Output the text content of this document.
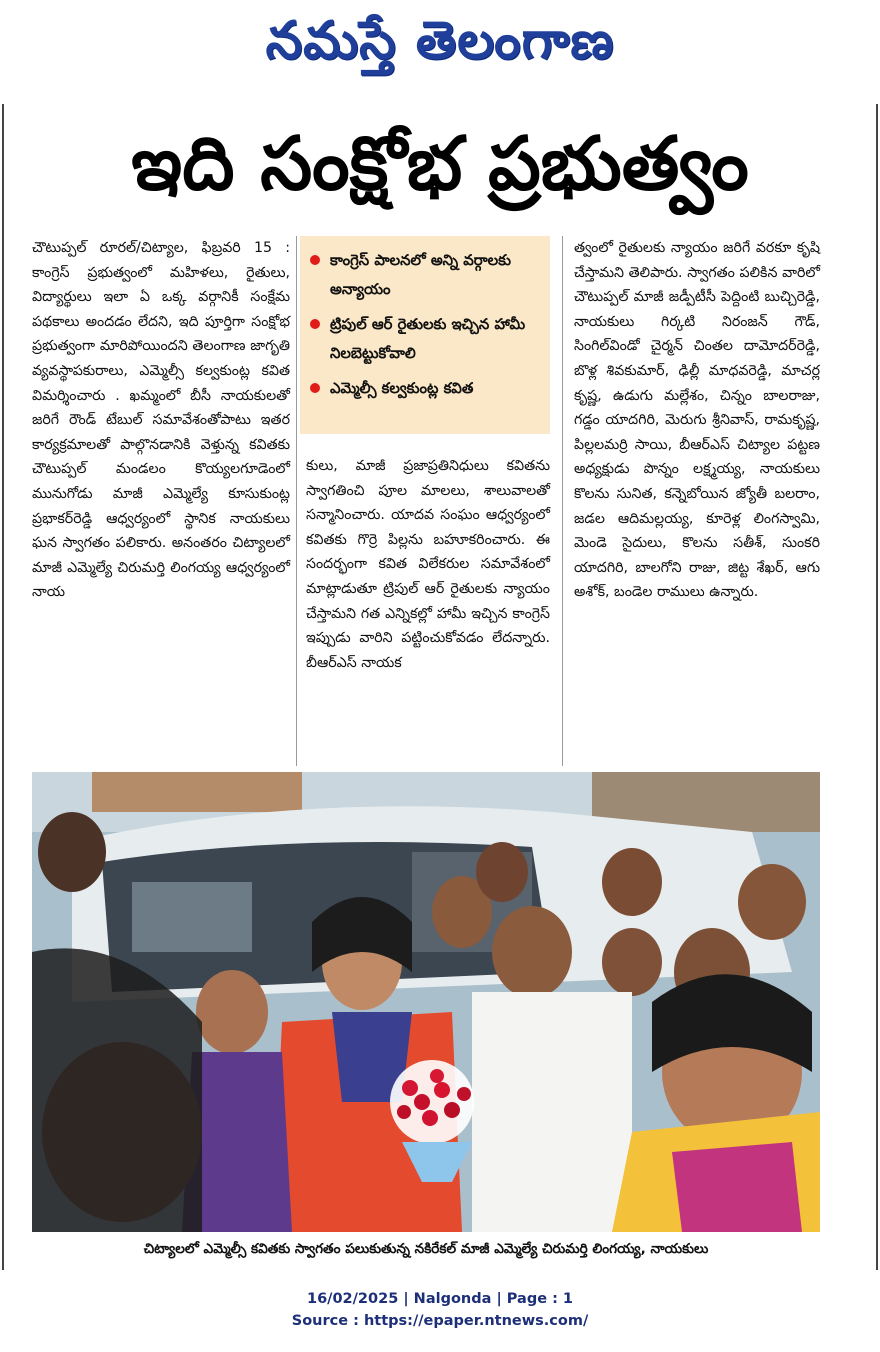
నమస్తే తెలంగాణ
ఇది సంక్షోభ ప్రభుత్వం
చౌటుప్పల్ రూరల్/చిట్యాల, ఫిబ్రవరి 15 : కాంగ్రెస్ ప్రభుత్వంలో మహిళలు, రైతులు, విద్యార్థులు ఇలా ఏ ఒక్క వర్గానికీ సంక్షేమ పథకాలు అందడం లేదని, ఇది పూర్తిగా సంక్షోభ ప్రభుత్వంగా మారిపోయిందని తెలంగాణ జాగృతి వ్యవస్థాపకురాలు, ఎమ్మెల్సీ కల్వకుంట్ల కవిత విమర్శించారు . ఖమ్మంలో బీసీ నాయకులతో జరిగే రౌండ్ టేబుల్ సమావేశంతోపాటు ఇతర కార్యక్రమాలతో పాల్గొనడానికి వెళ్తున్న కవితకు చౌటుప్పల్ మండలం కొయ్యలగూడెంలో మునుగోడు మాజీ ఎమ్మెల్యే కూసుకుంట్ల ప్రభాకర్‌రెడ్డి ఆధ్వర్యంలో స్థానిక నాయకులు ఘన స్వాగతం పలికారు. అనంతరం చిట్యాలలో మాజీ ఎమ్మెల్యే చిరుమర్తి లింగయ్య ఆధ్వర్యంలో నాయ
కాంగ్రెస్ పాలనలో అన్ని వర్గాలకు అన్యాయం
ట్రిపుల్ ఆర్ రైతులకు ఇచ్చిన హామీ నిలబెట్టుకోవాలి
ఎమ్మెల్సీ కల్వకుంట్ల కవిత
కులు, మాజీ ప్రజాప్రతినిధులు కవితను స్వాగతించి పూల మాలలు, శాలువాలతో సన్మానించారు. యాదవ సంఘం ఆధ్వర్యంలో కవితకు గొర్రె పిల్లను బహూకరించారు. ఈ సందర్భంగా కవిత విలేకరుల సమావేశంలో మాట్లాడుతూ ట్రిపుల్ ఆర్ రైతులకు న్యాయం చేస్తామని గత ఎన్నికల్లో హామీ ఇచ్చిన కాంగ్రెస్ ఇప్పుడు వారిని పట్టించుకోవడం లేదన్నారు. బీఆర్‌ఎస్ నాయక
త్వంలో రైతులకు న్యాయం జరిగే వరకూ కృషి చేస్తామని తెలిపారు. స్వాగతం పలికిన వారిలో చౌటుప్పల్ మాజీ జడ్పీటీసీ పెద్దింటి బుచ్చిరెడ్డి, నాయకులు గిర్కటి నిరంజన్ గౌడ్, సింగిల్‌విండో చైర్మన్ చింతల దామోదర్‌రెడ్డి, బొళ్ల శివకుమార్, ఢిల్లీ మాధవరెడ్డి, మాచర్ల కృష్ణ, ఉడుగు మల్లేశం, చిన్నం బాలరాజు, గడ్డం యాదగిరి, మెరుగు శ్రీనివాస్, రామకృష్ణ, పిల్లలమర్రి సాయి, బీఆర్‌ఎస్ చిట్యాల పట్టణ అధ్యక్షుడు పొన్నం లక్ష్మయ్య, నాయకులు కొలను సునిత, కన్నెబోయిన జ్యోతీ బలరాం, జడల ఆదిమల్లయ్య, కూరెళ్ల లింగస్వామి, మెండె సైదులు, కొలను సతీశ్, సుంకరి యాదగిరి, బాలగోని రాజు, జిట్ట శేఖర్, ఆగు అశోక్, బండెల రాములు ఉన్నారు.
చిట్యాలలో ఎమ్మెల్సీ కవితకు స్వాగతం పలుకుతున్న నకిరేకల్ మాజీ ఎమ్మెల్యే చిరుమర్తి లింగయ్య, నాయకులు
16/02/2025 | Nalgonda | Page : 1
Source : https://epaper.ntnews.com/
